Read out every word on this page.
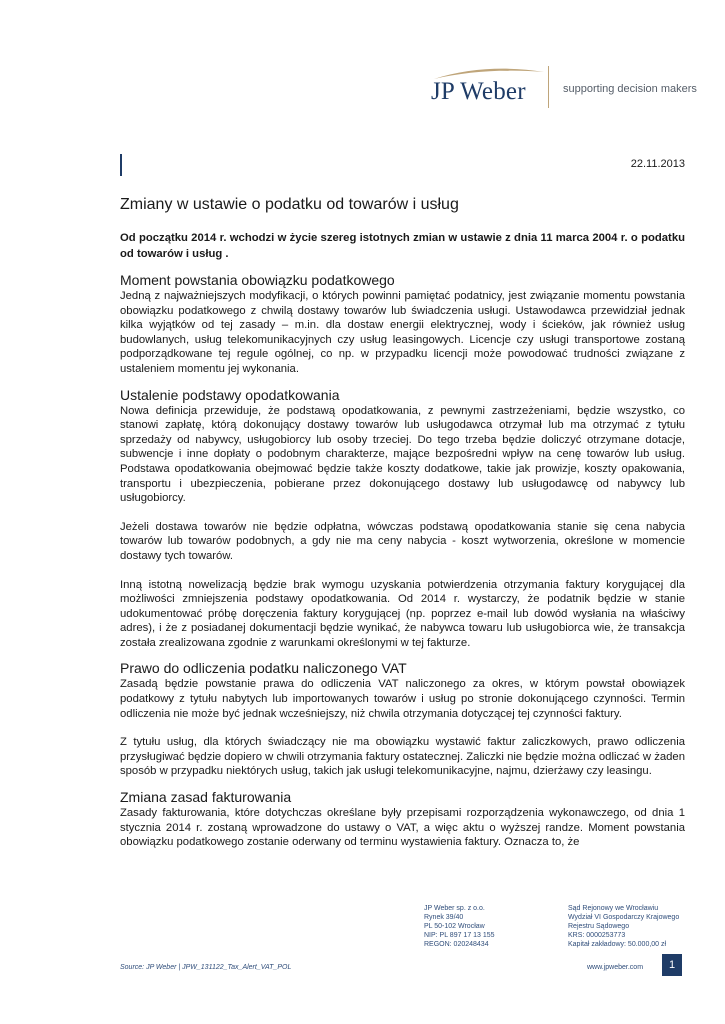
JP Weber	supporting decision makers
22.11.2013
Zmiany w ustawie o podatku od towarów i usług

Od początku 2014 r. wchodzi w życie szereg istotnych zmian w ustawie z dnia 11 marca 2004 r. o podatku od towarów i usług .

Moment powstania obowiązku podatkowego

Jedną z najważniejszych modyfikacji, o których powinni pamiętać podatnicy, jest związanie momentu powstania obowiązku podatkowego z chwilą dostawy towarów lub świadczenia usługi. Ustawodawca przewidział jednak kilka wyjątków od tej zasady – m.in. dla dostaw energii elektrycznej, wody i ścieków, jak również usług budowlanych, usług telekomunikacyjnych czy usług leasingowych. Licencje czy usługi transportowe zostaną podporządkowane tej regule ogólnej, co np. w przypadku licencji może powodować trudności związane z ustaleniem momentu jej wykonania.

Ustalenie podstawy opodatkowania

Nowa definicja przewiduje, że podstawą opodatkowania, z pewnymi zastrzeżeniami, będzie wszystko, co stanowi zapłatę, którą dokonujący dostawy towarów lub usługodawca otrzymał lub ma otrzymać z tytułu sprzedaży od nabywcy, usługobiorcy lub osoby trzeciej. Do tego trzeba będzie doliczyć otrzymane dotacje, subwencje i inne dopłaty o podobnym charakterze, mające bezpośredni wpływ na cenę towarów lub usług. Podstawa opodatkowania obejmować będzie także koszty dodatkowe, takie jak prowizje, koszty opakowania, transportu i ubezpieczenia, pobierane przez dokonującego dostawy lub usługodawcę od nabywcy lub usługobiorcy.

Jeżeli dostawa towarów nie będzie odpłatna, wówczas podstawą opodatkowania stanie się cena nabycia towarów lub towarów podobnych, a gdy nie ma ceny nabycia - koszt wytworzenia, określone w momencie dostawy tych towarów.

Inną istotną nowelizacją będzie brak wymogu uzyskania potwierdzenia otrzymania faktury korygującej dla możliwości zmniejszenia podstawy opodatkowania. Od 2014 r. wystarczy, że podatnik będzie w stanie udokumentować próbę doręczenia faktury korygującej (np. poprzez e-mail lub dowód wysłania na właściwy adres), i że z posiadanej dokumentacji będzie wynikać, że nabywca towaru lub usługobiorca wie, że transakcja została zrealizowana zgodnie z warunkami określonymi w tej fakturze.

Prawo do odliczenia podatku naliczonego VAT

Zasadą będzie powstanie prawa do odliczenia VAT naliczonego za okres, w którym powstał obowiązek podatkowy z tytułu nabytych lub importowanych towarów i usług po stronie dokonującego czynności. Termin odliczenia nie może być jednak wcześniejszy, niż chwila otrzymania dotyczącej tej czynności faktury.

Z tytułu usług, dla których świadczący nie ma obowiązku wystawić faktur zaliczkowych, prawo odliczenia przysługiwać będzie dopiero w chwili otrzymania faktury ostatecznej. Zaliczki nie będzie można odliczać w żaden sposób w przypadku niektórych usług, takich jak usługi telekomunikacyjne, najmu, dzierżawy czy leasingu.

Zmiana zasad fakturowania

Zasady fakturowania, które dotychczas określane były przepisami rozporządzenia wykonawczego, od dnia 1 stycznia 2014 r. zostaną wprowadzone do ustawy o VAT, a więc aktu o wyższej randze. Moment powstania obowiązku podatkowego zostanie oderwany od terminu wystawienia faktury. Oznacza to, że

JP Weber sp. z o.o.
Rynek 39/40
PL 50-102 Wrocław
NIP: PL 897 17 13 155
REGON: 020248434
Sąd Rejonowy we Wrocławiu
Wydział VI Gospodarczy Krajowego
Rejestru Sądowego
KRS: 0000253773
Kapitał zakładowy: 50.000,00 zł
Source: JP Weber | JPW_131122_Tax_Alert_VAT_POL	www.jpweber.com	1
